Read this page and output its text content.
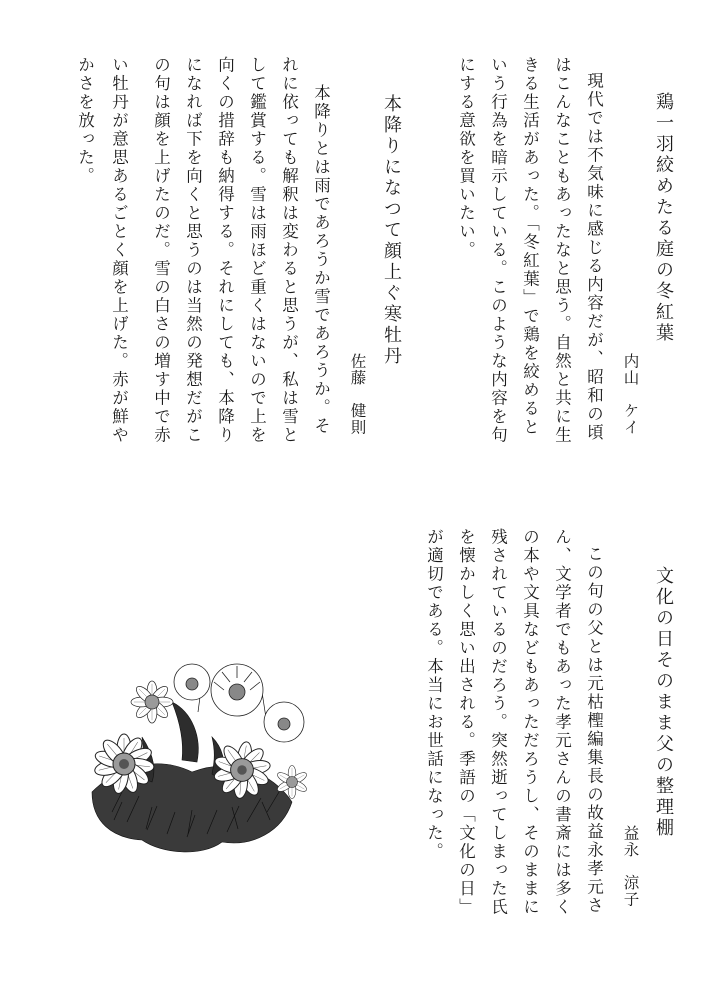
鶏一羽絞めたる庭の冬紅葉
内山　ケイ
現代では不気味に感じる内容だが、昭和の頃
はこんなこともあったなと思う。自然と共に生
きる生活があった。「冬紅葉」で鶏を絞めると
いう行為を暗示している。このような内容を句
にする意欲を買いたい。
本降りになつて顔上ぐ寒牡丹
佐藤　健則
本降りとは雨であろうか雪であろうか。そ
れに依っても解釈は変わると思うが、私は雪と
して鑑賞する。雪は雨ほど重くはないので上を
向くの措辞も納得する。それにしても、本降り
になれば下を向くと思うのは当然の発想だがこ
の句は顔を上げたのだ。雪の白さの増す中で赤
い牡丹が意思あるごとく顔を上げた。赤が鮮や
かさを放った。
文化の日そのまま父の整理棚
益永　涼子
この句の父とは元枯檉編集長の故益永孝元さ
ん、文学者でもあった孝元さんの書斎には多く
の本や文具などもあっただろうし、そのままに
残されているのだろう。突然逝ってしまった氏
を懐かしく思い出される。季語の「文化の日」
が適切である。本当にお世話になった。
